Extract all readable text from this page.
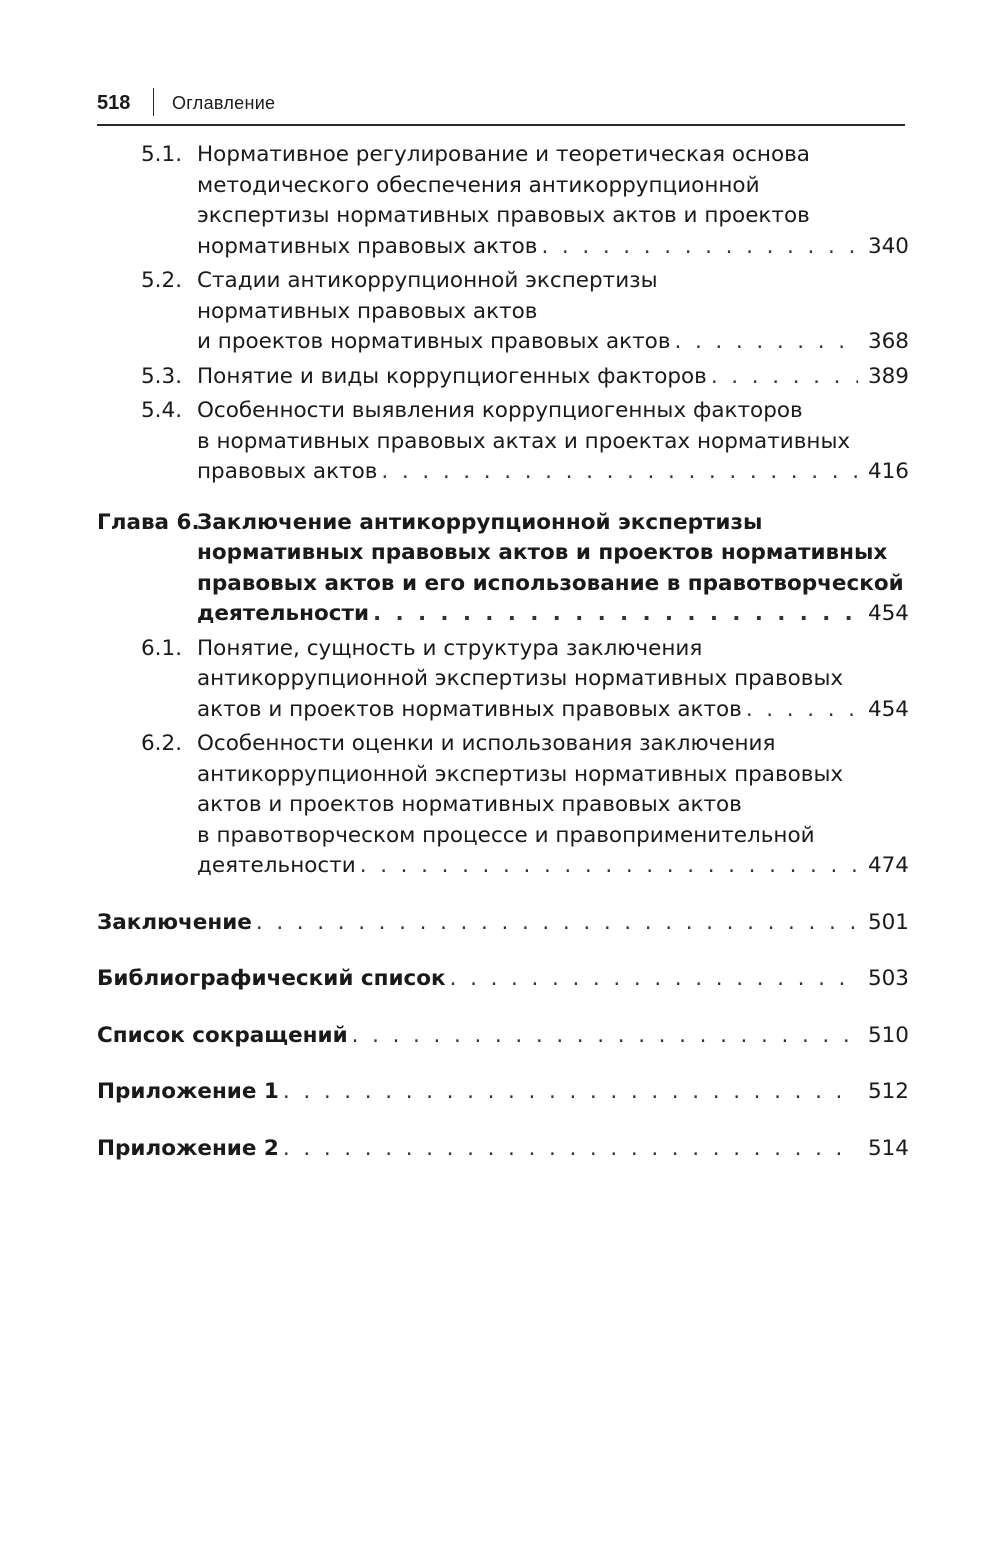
518 Оглавление
5.1. Нормативное регулирование и теоретическая основа
методического обеспечения антикоррупционной
экспертизы нормативных правовых актов и проектов
нормативных правовых актов . . .	340
5.2. Стадии антикоррупционной экспертизы
нормативных правовых актов
и проектов нормативных правовых актов . . .	368
5.3. Понятие и виды коррупциогенных факторов . . .	389
5.4. Особенности выявления коррупциогенных факторов
в нормативных правовых актах и проектах нормативных
правовых актов . . .	416
Глава 6.
Заключение антикоррупционной экспертизы
нормативных правовых актов и проектов нормативных
правовых актов и его использование в правотворческой
деятельности . . .	454
6.1. Понятие, сущность и структура заключения
антикоррупционной экспертизы нормативных правовых
актов и проектов нормативных правовых актов . . .	454
6.2. Особенности оценки и использования заключения
антикоррупционной экспертизы нормативных правовых
актов и проектов нормативных правовых актов
в правотворческом процессе и правоприменительной
деятельности . . .	474
Заключение . . .	501
Библиографический список . . .	503
Список сокращений . . .	510
Приложение 1 . . .	512
Приложение 2 . . .	514
